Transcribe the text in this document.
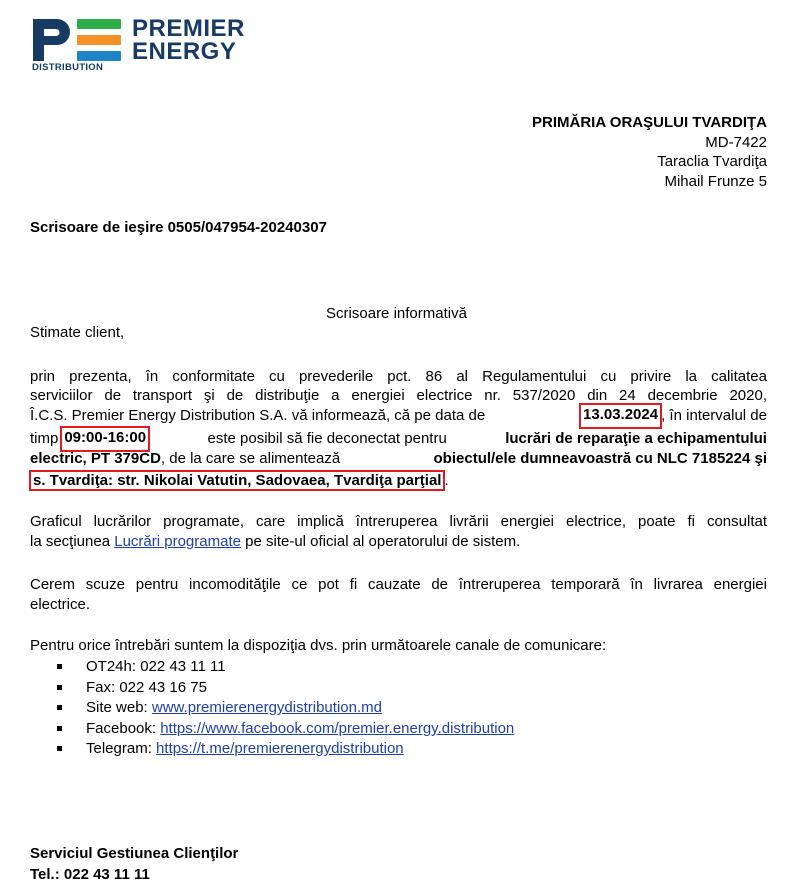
PREMIER
ENERGY
DISTRIBUTION
PRIMĂRIA ORAŞULUI TVARDIŢA
MD-7422
Taraclia Tvardiţa
Mihail Frunze 5
Scrisoare de ieşire 0505/047954-20240307
Scrisoare informativă
Stimate client,
prin prezenta, în conformitate cu prevederile pct. 86 al Regulamentului cu privire la calitatea
serviciilor de transport şi de distribuţie a energiei electrice nr. 537/2020 din 24 decembrie 2020,
Î.C.S. Premier Energy Distribution S.A. vă informează, că pe data de	13.03.2024 , în intervalul de
timp 09:00-16:00	este posibil să fie deconectat pentru	lucrări de reparaţie a echipamentului
electric, PT 379CD , de la care se alimentează	obiectul/ele dumneavoastră cu NLC 7185224 şi
s. Tvardiţa: str. Nikolai Vatutin, Sadovaea, Tvardiţa parţial .
Graficul lucrărilor programate, care implică întreruperea livrării energiei electrice, poate fi consultat
la secţiunea Lucrări programate pe site-ul oficial al operatorului de sistem.
Cerem scuze pentru incomodităţile ce pot fi cauzate de întreruperea temporară în livrarea energiei
electrice.
Pentru orice întrebări suntem la dispoziţia dvs. prin următoarele canale de comunicare:
OT24h: 022 43 11 11
Fax: 022 43 16 75
Site web: www.premierenergydistribution.md
Facebook: https://www.facebook.com/premier.energy.distribution
Telegram: https://t.me/premierenergydistribution
Serviciul Gestiunea Clienţilor
Tel.: 022 43 11 11
